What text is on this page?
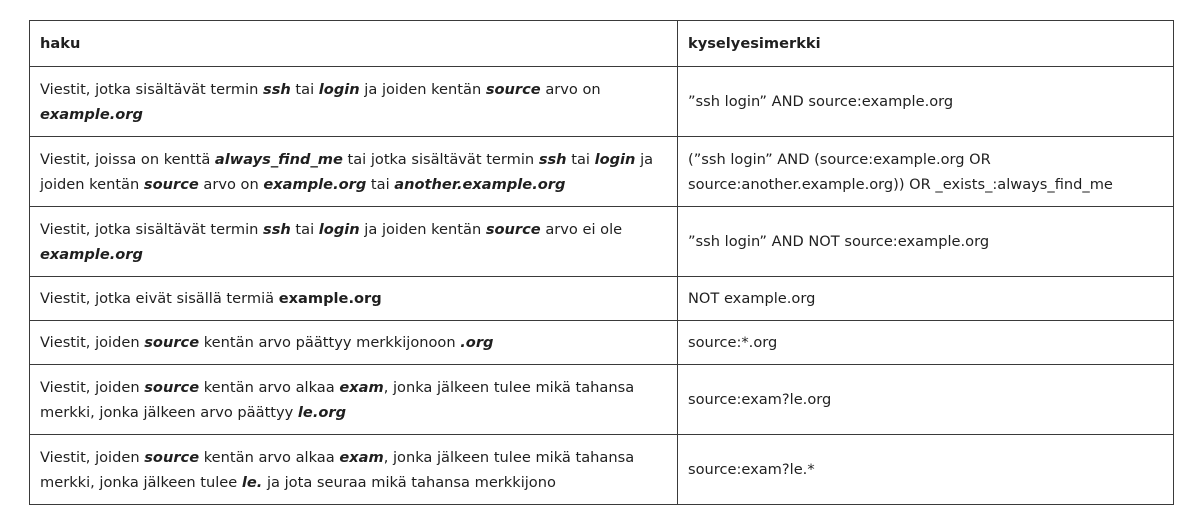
haku	kyselyesimerkki
Viestit, jotka sisältävät termin ssh tai login ja joiden kentän source arvo on
example.org	”ssh login” AND source:example.org
Viestit, joissa on kenttä always_find_me tai jotka sisältävät termin ssh tai login ja
joiden kentän source arvo on example.org tai another.example.org	(”ssh login” AND (source:example.org OR
source:another.example.org)) OR _exists_:always_find_me
Viestit, jotka sisältävät termin ssh tai login ja joiden kentän source arvo ei ole
example.org	”ssh login” AND NOT source:example.org
Viestit, jotka eivät sisällä termiä example.org	NOT example.org
Viestit, joiden source kentän arvo päättyy merkkijonoon .org	source:*.org
Viestit, joiden source kentän arvo alkaa exam, jonka jälkeen tulee mikä tahansa merkki, jonka jälkeen arvo päättyy le.org	source:exam?le.org
Viestit, joiden source kentän arvo alkaa exam, jonka jälkeen tulee mikä tahansa merkki, jonka jälkeen tulee le. ja jota seuraa mikä tahansa merkkijono	source:exam?le.*
